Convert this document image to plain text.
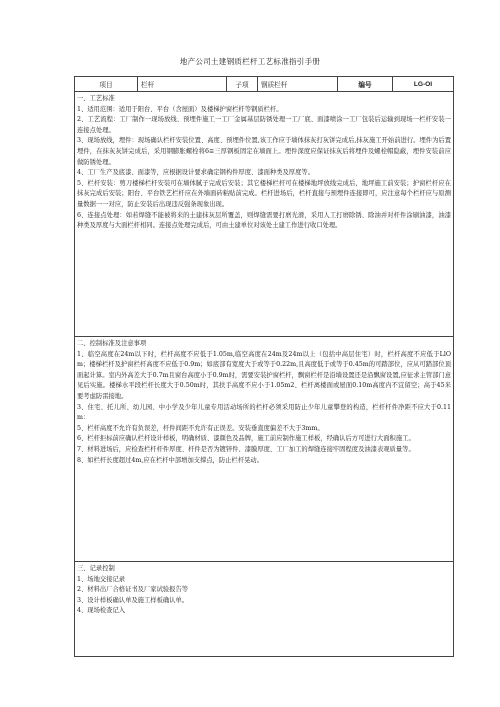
地产公司土建钢质栏杆工艺标准指引手册
项目	栏杆	子项	钢质栏杆	编号	LG-OI

一、工艺标准

1、适用范围：适用于阳台、平台（含屋面）及楼梯护窗栏杆等钢质栏杆。

2、工艺流程：工厂制作一现场放线、预埋件施工一工厂金属基层防锈处理一工厂底、面漆喷涂一工厂包装后运输到现场一栏杆安装一连接点处理。

3、现场放线，埋件：现场确认栏杆安装位置、高度、预埋件位置,该工作应于墙体抹灰打灰饼完成后,抹灰施工开始前进行。埋件为后置埋件，在抹灰灰饼完成后，采用钢膨胀螺栓将6≡三厚钢板固定在墙面上。埋件深度应保证抹灰后将埋件及螺栓帽隐蔽，埋件安装前应做防锈处理。

4、工厂生产及底漆、面漆等，应根据设计要求确定钢构件厚度、漆面种类及厚度等。

5、栏杆安装：剪刀楼梯栏杆安装可在墙体腻子完成后安装；其它楼梯栏杆可在楼梯地坪放线完成后，地坪施工前安装；护窗栏杆应在抹灰完成后安装；阳台、平台铁艺栏杆应在外墙面砖粘贴前完成。栏杆进场后，栏杆直接与预埋件连接即可，应注意每个栏杆应与原测量数据一一对应，防止安装后出现违反强条现象出现。

6、连接点处理：如若焊缝不能被将来的土建抹灰层所覆盖，则焊缝需要打磨光滑，采用人工打磨除锈、除油并对杆件涂刷油漆，油漆种类及厚度与大面栏杆相同。连接点处理完成后，可由土建单位对该处土建工作进行收口处理。

二、控制标准及注意事项

1、临空高度在24m以下时，栏杆高度不应低于1.05m,临空高度在24m及24m以上（包括中高层住宅）时，栏杆高度不应低于LlOm；楼梯栏杆及护窗栏杆高度不应低于0.9m；如底部有宽度大于或等于0.22m,且高度低于或等于0.45m的可踏部位，应从可踏部位顶面起计算。室内外高差大于0.7m且窗台高度小于0.9m时，需要安装护窗栏杆，飘窗栏杆是沿墙设置还是沿飘窗设置,应征求主管部门意见后实施。楼梯水平段栏杆长度大于0.50m时，其扶手高度不应小于1.05m2、栏杆离楼面或屋面0.10m高度内不宜留空；高于45米要考虑防雷接地。

3、住宅、托儿所、幼儿园、中小学及少年儿童专用活动场所的栏杆必须采用防止少年儿童攀登的构造，栏杆杆件净距不应大于0.11m：

5、栏杆高度不允许有负误差，杆件间距不允许有正误差。安装垂直度偏差不大于3mm。

6、栏杆拒标前应确认栏杆设计样板，明确材质、漆颜色及品牌，施工前应制作施工样板，经确认后方可进行大面积施工。

7、材料进场后，应检查栏杆杆件厚度、杆件是否为镀锌件、漆膜厚度、工厂加工的焊缝连接牢固程度及油漆表观质量等。

8、如栏杆长度超过4m,应在栏杆中部增加支撑点，防止栏杆晃动。

三、记录控制

1、场地交接记录

2、材料出厂合格证书及厂家试验报告等

3、设计样板确认单及施工样板确认单。

4、现场检查记入
